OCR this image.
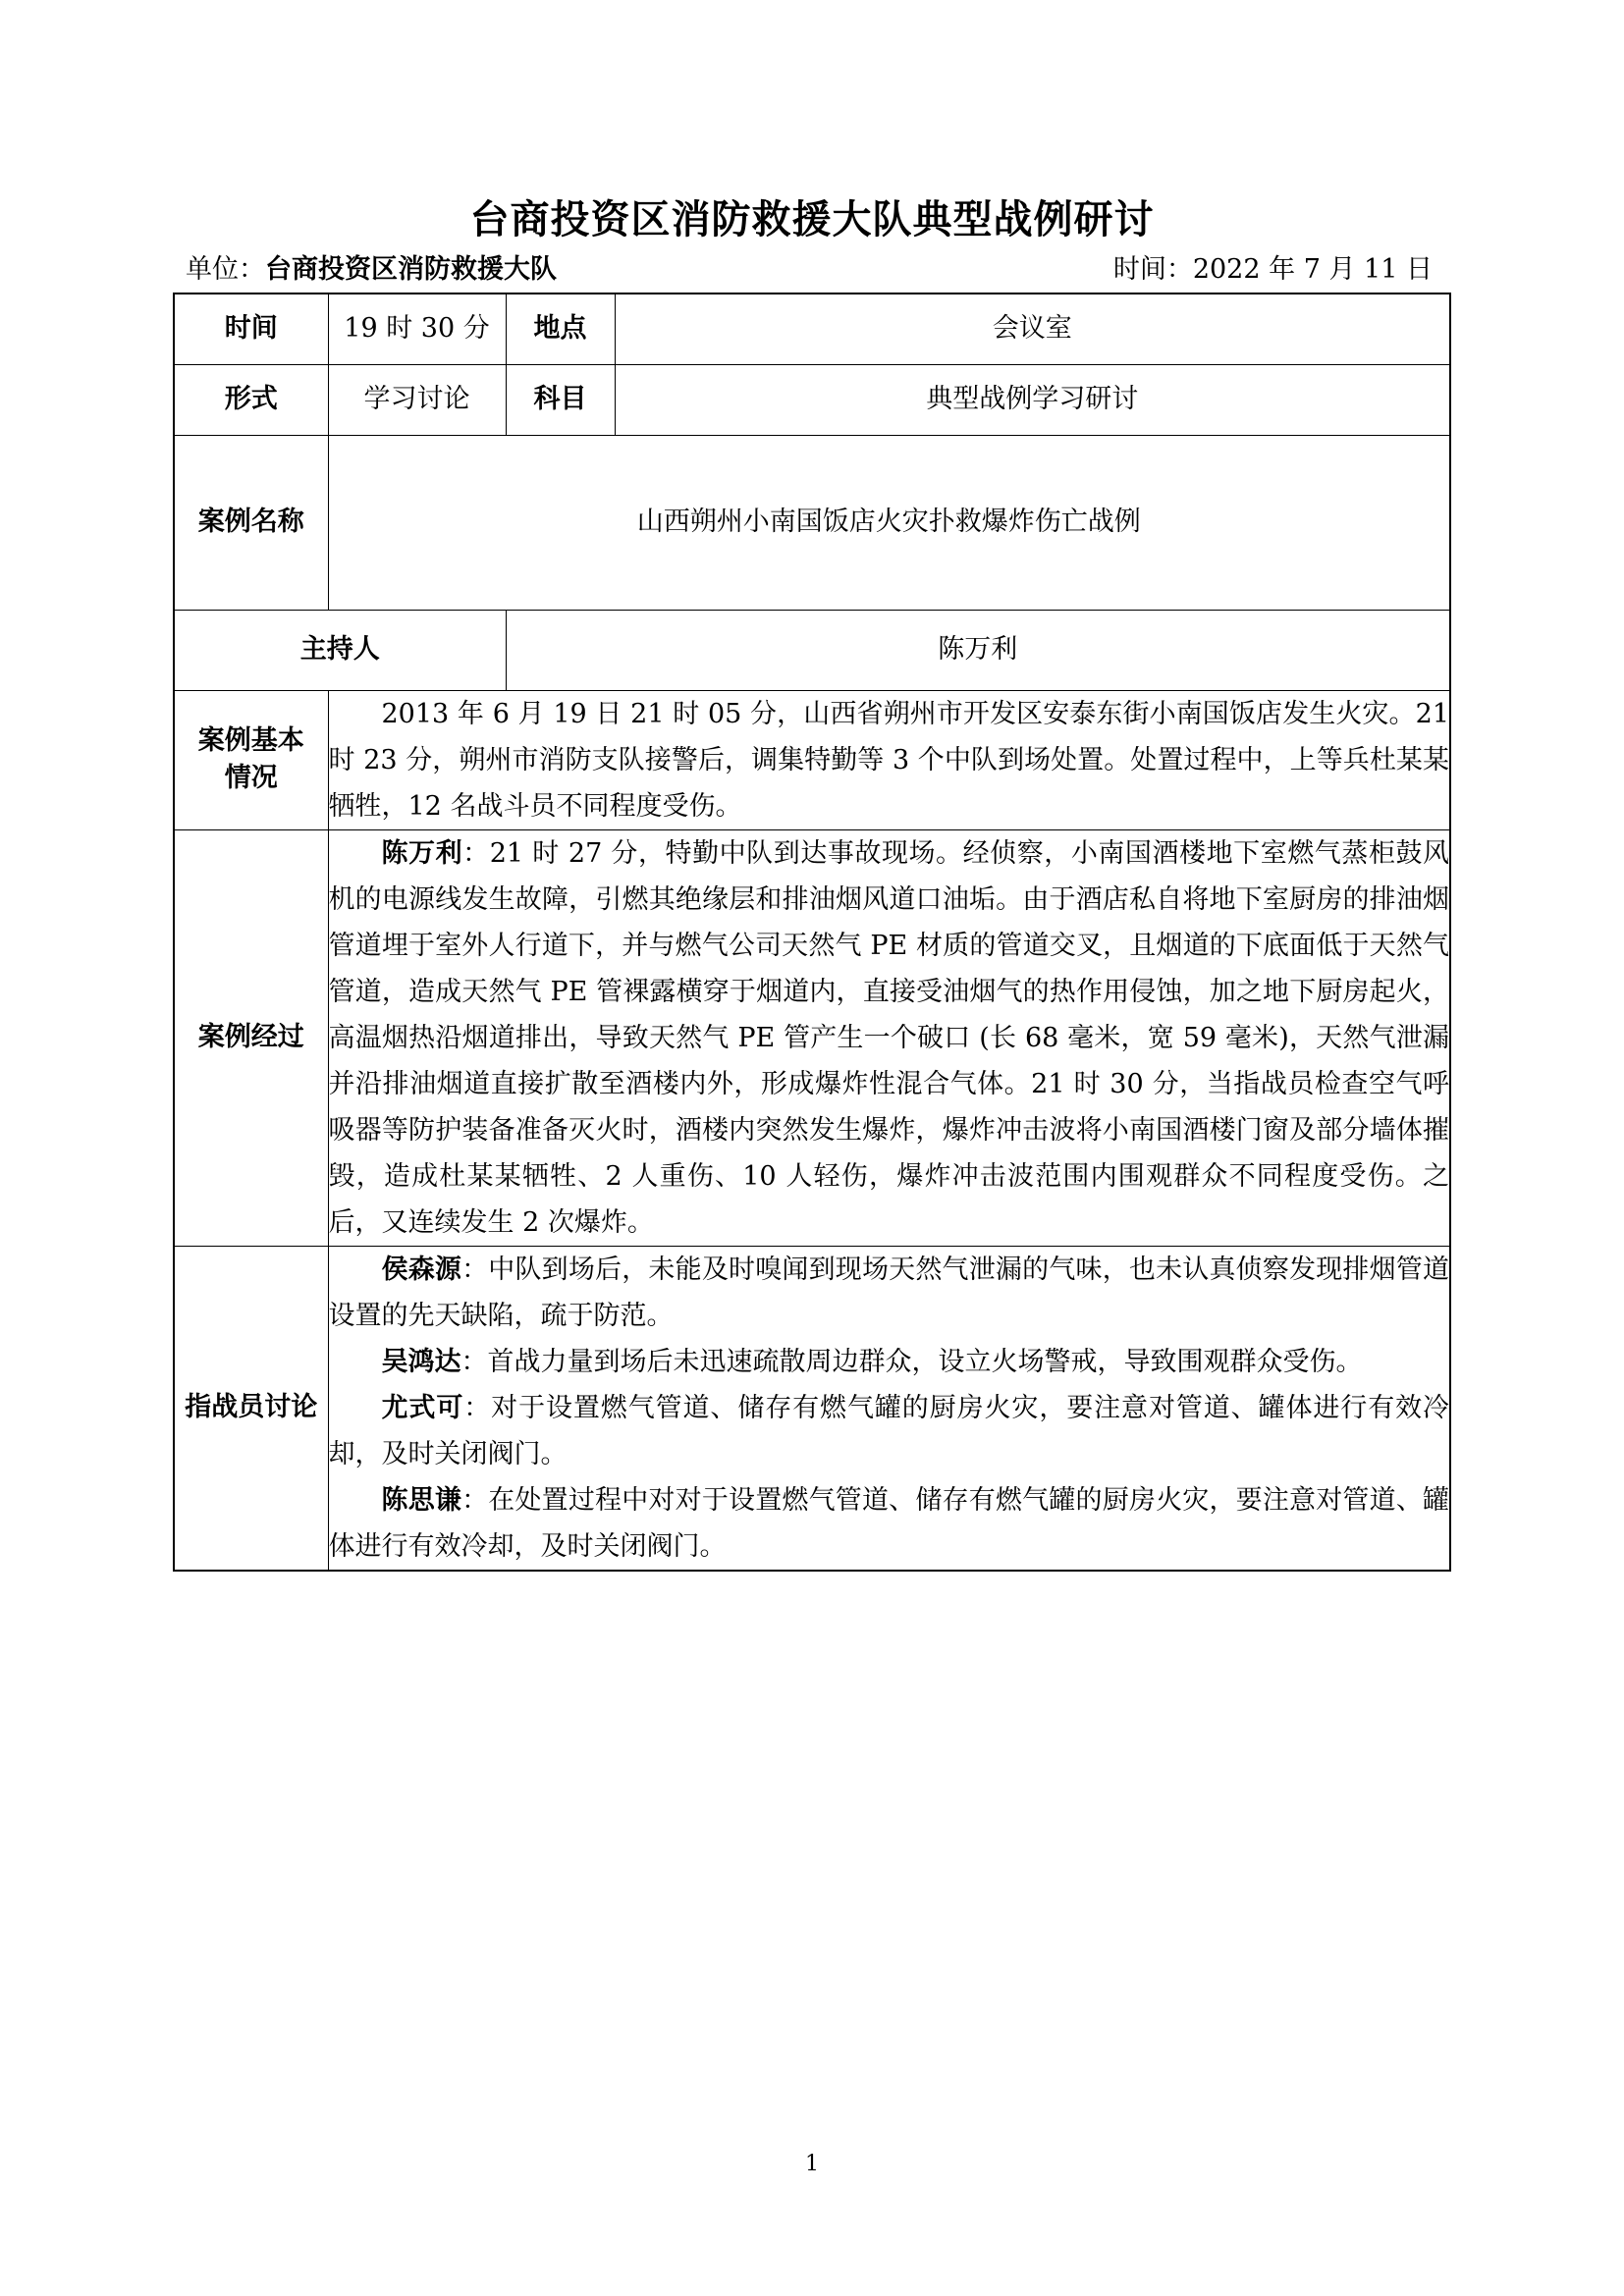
台商投资区消防救援大队典型战例研讨
单位：台商投资区消防救援大队	时间：2022 年 7 月 11 日
时间	19 时 30 分	地点	会议室
形式	学习讨论	科目	典型战例学习研讨
案例名称	山西朔州小南国饭店火灾扑救爆炸伤亡战例		
主持人		陈万利	

案例基本
情况	2013 年 6 月 19 日 21 时 05 分，山西省朔州市开发区安泰东街小南国饭店发生火灾。21 时 23 分，朔州市消防支队接警后，调集特勤等 3 个中队到场处置。处置过程中，上等兵杜某某牺牲，12 名战斗员不同程度受伤。		

案例经过	陈万利：21 时 27 分，特勤中队到达事故现场。经侦察，小南国酒楼地下室燃气蒸柜鼓风机的电源线发生故障，引燃其绝缘层和排油烟风道口油垢。由于酒店私自将地下室厨房的排油烟管道埋于室外人行道下，并与燃气公司天然气 PE 材质的管道交叉，且烟道的下底面低于天然气管道，造成天然气 PE 管裸露横穿于烟道内，直接受油烟气的热作用侵蚀，加之地下厨房起火，高温烟热沿烟道排出，导致天然气 PE 管产生一个破口 (长 68 毫米，宽 59 毫米)，天然气泄漏并沿排油烟道直接扩散至酒楼内外，形成爆炸性混合气体。21 时 30 分，当指战员检查空气呼吸器等防护装备准备灭火时，酒楼内突然发生爆炸，爆炸冲击波将小南国酒楼门窗及部分墙体摧毁，造成杜某某牺牲、2 人重伤、10 人轻伤，爆炸冲击波范围内围观群众不同程度受伤。之后，又连续发生 2 次爆炸。		

指战员讨论	侯森源：中队到场后，未能及时嗅闻到现场天然气泄漏的气味，也未认真侦察发现排烟管道设置的先天缺陷，疏于防范。

吴鸿达：首战力量到场后未迅速疏散周边群众，设立火场警戒，导致围观群众受伤。

尤式可：对于设置燃气管道、储存有燃气罐的厨房火灾，要注意对管道、罐体进行有效冷却，及时关闭阀门。

陈思谦：在处置过程中对对于设置燃气管道、储存有燃气罐的厨房火灾，要注意对管道、罐体进行有效冷却，及时关闭阀门。		

1
